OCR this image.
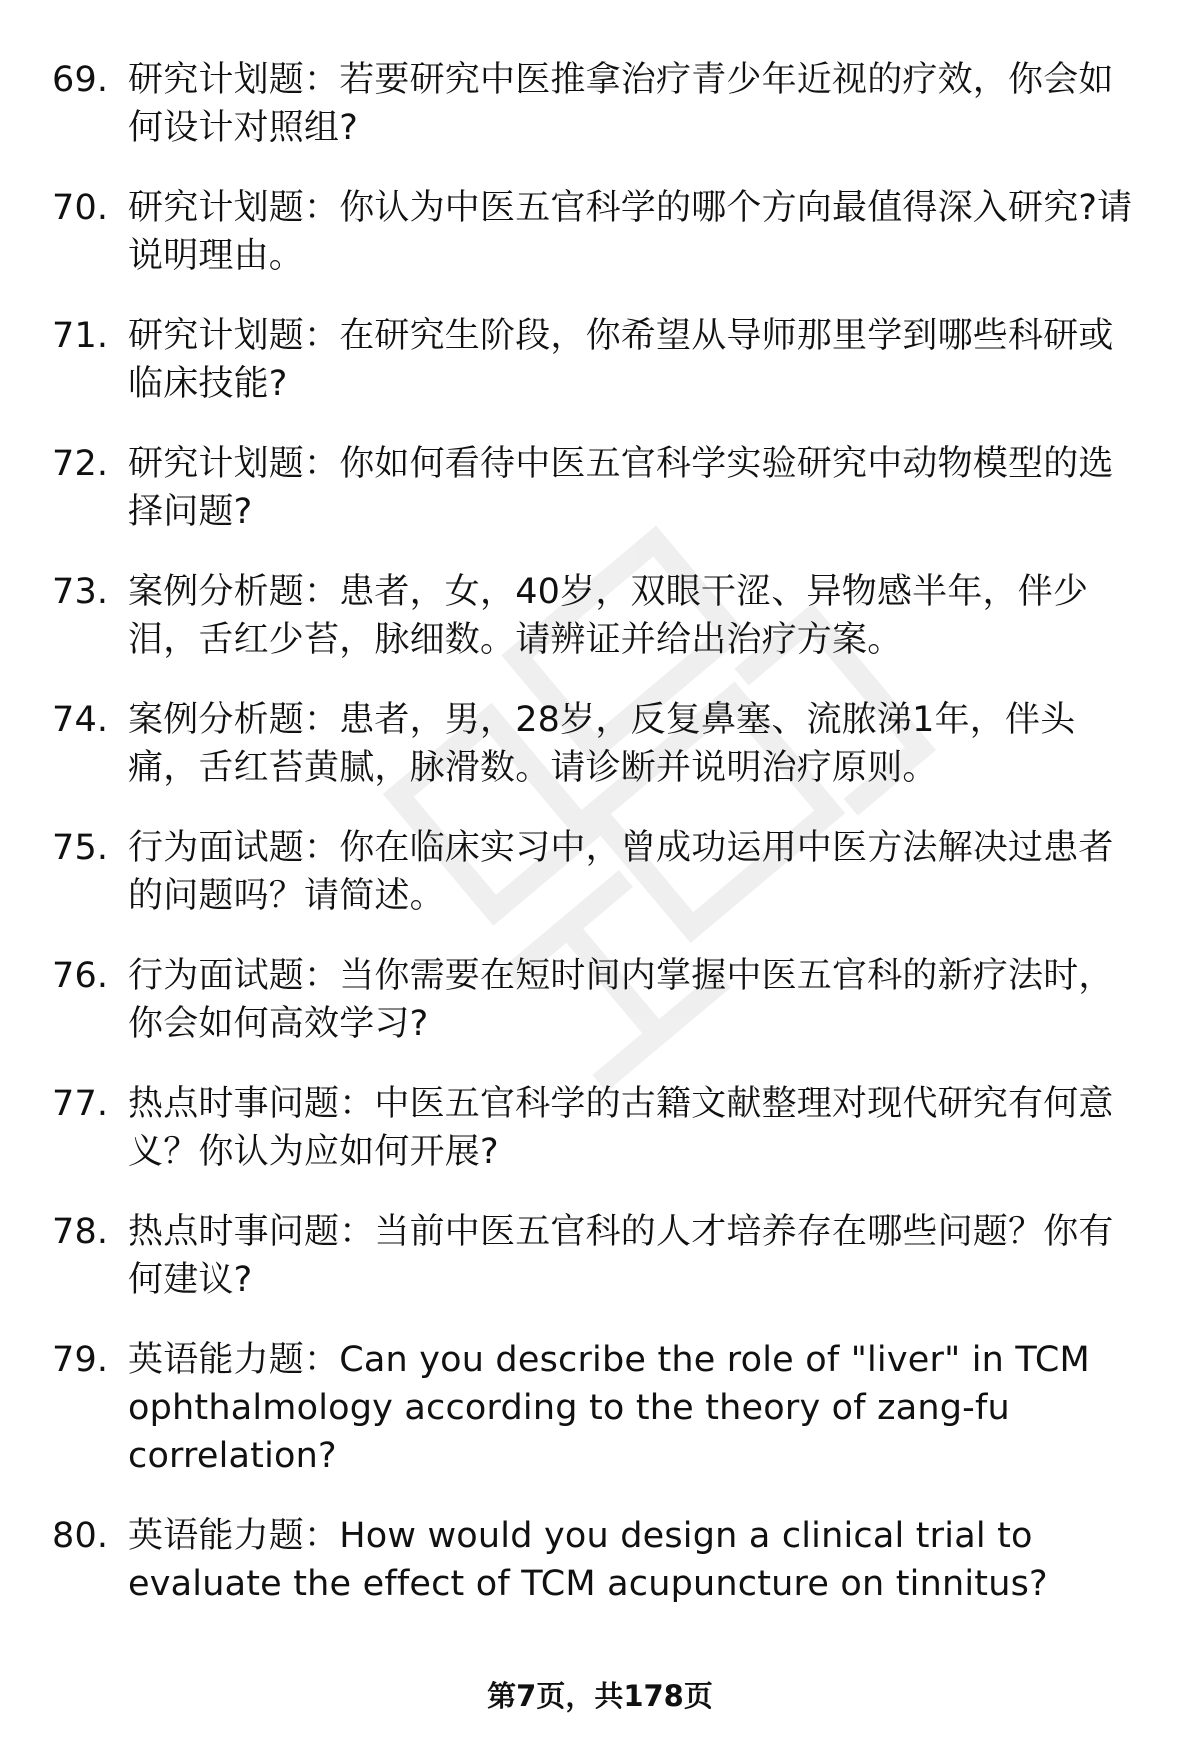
69. 研究计划题：若要研究中医推拿治疗青少年近视的疗效，你会如何设计对照组?
70. 研究计划题：你认为中医五官科学的哪个方向最值得深入研究?请说明理由。
71. 研究计划题：在研究生阶段，你希望从导师那里学到哪些科研或临床技能?
72. 研究计划题：你如何看待中医五官科学实验研究中动物模型的选择问题?
73. 案例分析题：患者，女，40岁，双眼干涩、异物感半年，伴少泪，舌红少苔，脉细数。请辨证并给出治疗方案。
74. 案例分析题：患者，男，28岁，反复鼻塞、流脓涕1年，伴头痛，舌红苔黄腻，脉滑数。请诊断并说明治疗原则。
75. 行为面试题：你在临床实习中，曾成功运用中医方法解决过患者的问题吗？请简述。
76. 行为面试题：当你需要在短时间内掌握中医五官科的新疗法时，你会如何高效学习?
77. 热点时事问题：中医五官科学的古籍文献整理对现代研究有何意义？你认为应如何开展?
78. 热点时事问题：当前中医五官科的人才培养存在哪些问题？你有何建议?
79. 英语能力题：Can you describe the role of "liver" in TCM ophthalmology according to the theory of zang-fu correlation?
80. 英语能力题：How would you design a clinical trial to evaluate the effect of TCM acupuncture on tinnitus?
第7页，共178页
